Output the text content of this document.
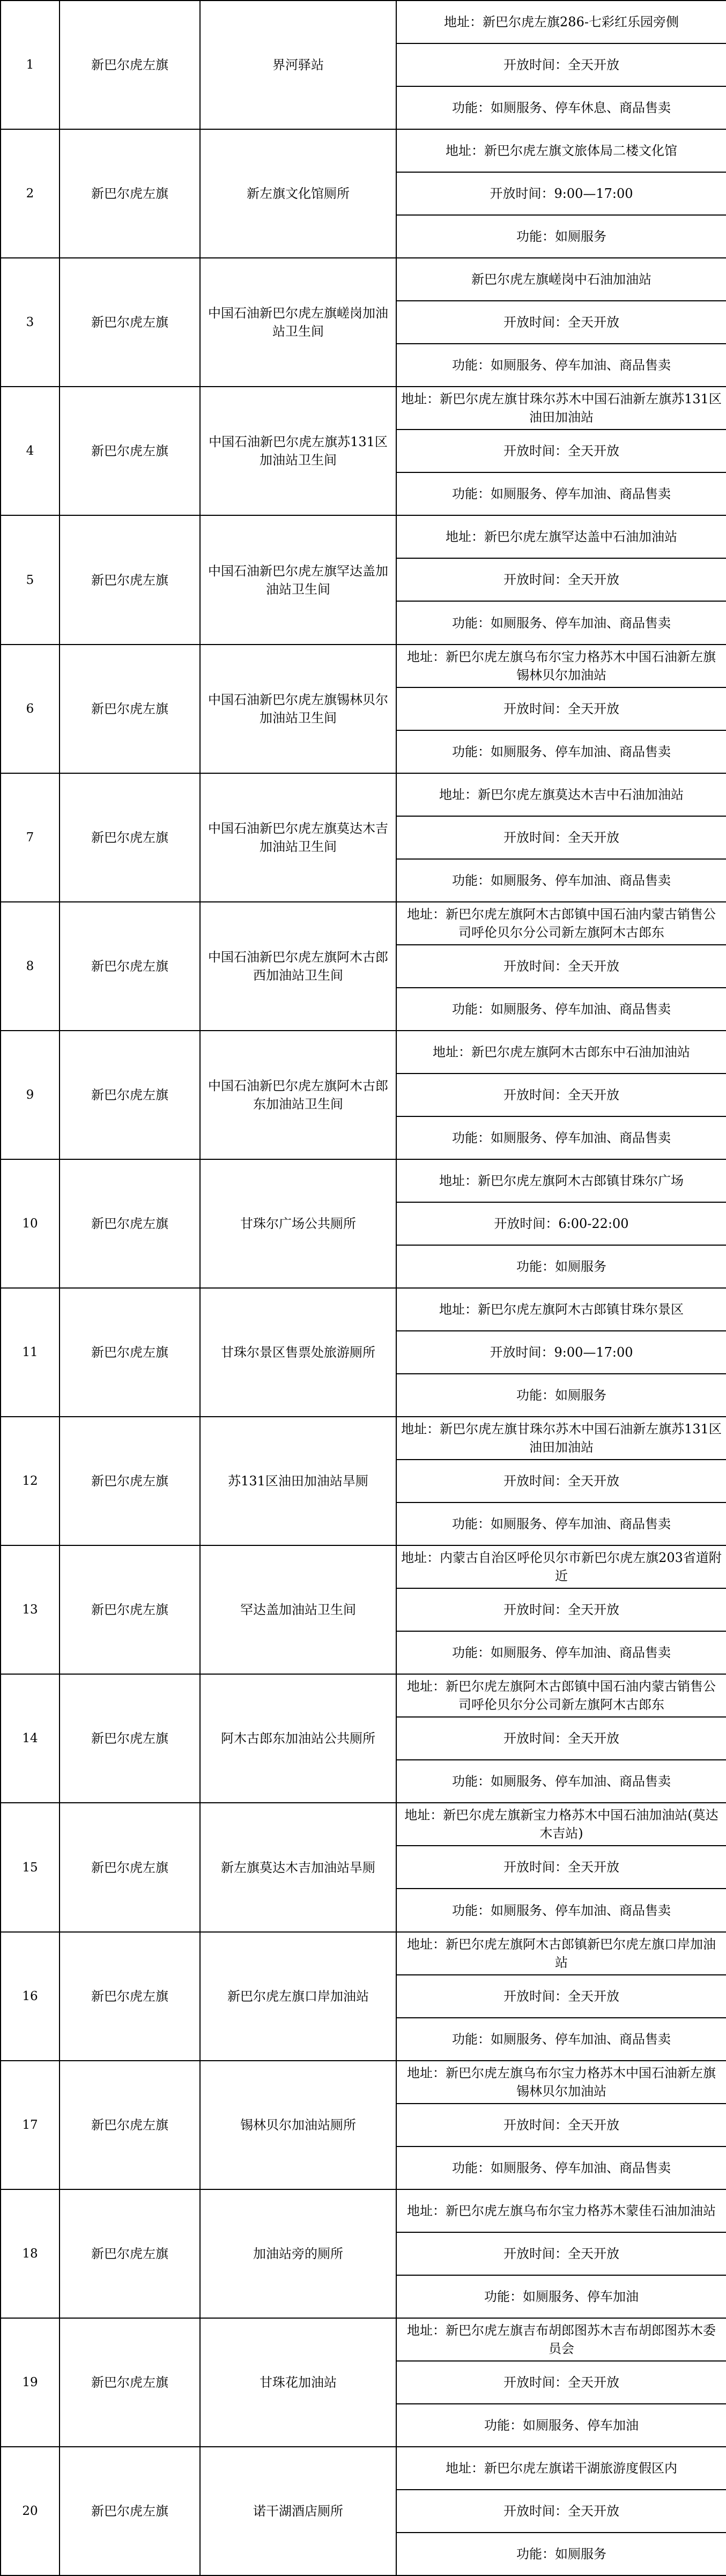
1	新巴尔虎左旗	界河驿站	地址：新巴尔虎左旗286-七彩红乐园旁侧
			开放时间：全天开放
			功能：如厕服务、停车休息、商品售卖
2	新巴尔虎左旗	新左旗文化馆厕所	地址：新巴尔虎左旗文旅体局二楼文化馆
			开放时间：9:00—17:00
			功能：如厕服务
3	新巴尔虎左旗	中国石油新巴尔虎左旗嵯岗加油站卫生间	新巴尔虎左旗嵯岗中石油加油站
			开放时间：全天开放
			功能：如厕服务、停车加油、商品售卖
4	新巴尔虎左旗	中国石油新巴尔虎左旗苏131区加油站卫生间	地址：新巴尔虎左旗甘珠尔苏木中国石油新左旗苏131区油田加油站
			开放时间：全天开放
			功能：如厕服务、停车加油、商品售卖
5	新巴尔虎左旗	中国石油新巴尔虎左旗罕达盖加油站卫生间	地址：新巴尔虎左旗罕达盖中石油加油站
			开放时间：全天开放
			功能：如厕服务、停车加油、商品售卖
6	新巴尔虎左旗	中国石油新巴尔虎左旗锡林贝尔加油站卫生间	地址：新巴尔虎左旗乌布尔宝力格苏木中国石油新左旗锡林贝尔加油站
			开放时间：全天开放
			功能：如厕服务、停车加油、商品售卖
7	新巴尔虎左旗	中国石油新巴尔虎左旗莫达木吉加油站卫生间	地址：新巴尔虎左旗莫达木吉中石油加油站
			开放时间：全天开放
			功能：如厕服务、停车加油、商品售卖
8	新巴尔虎左旗	中国石油新巴尔虎左旗阿木古郎西加油站卫生间	地址：新巴尔虎左旗阿木古郎镇中国石油内蒙古销售公司呼伦贝尔分公司新左旗阿木古郎东
			开放时间：全天开放
			功能：如厕服务、停车加油、商品售卖
9	新巴尔虎左旗	中国石油新巴尔虎左旗阿木古郎东加油站卫生间	地址：新巴尔虎左旗阿木古郎东中石油加油站
			开放时间：全天开放
			功能：如厕服务、停车加油、商品售卖
10	新巴尔虎左旗	甘珠尔广场公共厕所	地址：新巴尔虎左旗阿木古郎镇甘珠尔广场
			开放时间：6:00-22:00
			功能：如厕服务
11	新巴尔虎左旗	甘珠尔景区售票处旅游厕所	地址：新巴尔虎左旗阿木古郎镇甘珠尔景区
			开放时间：9:00—17:00
			功能：如厕服务
12	新巴尔虎左旗	苏131区油田加油站旱厕	地址：新巴尔虎左旗甘珠尔苏木中国石油新左旗苏131区油田加油站
			开放时间：全天开放
			功能：如厕服务、停车加油、商品售卖
13	新巴尔虎左旗	罕达盖加油站卫生间	地址：内蒙古自治区呼伦贝尔市新巴尔虎左旗203省道附近
			开放时间：全天开放
			功能：如厕服务、停车加油、商品售卖
14	新巴尔虎左旗	阿木古郎东加油站公共厕所	地址：新巴尔虎左旗阿木古郎镇中国石油内蒙古销售公司呼伦贝尔分公司新左旗阿木古郎东
			开放时间：全天开放
			功能：如厕服务、停车加油、商品售卖
15	新巴尔虎左旗	新左旗莫达木吉加油站旱厕	地址：新巴尔虎左旗新宝力格苏木中国石油加油站(莫达木吉站)
			开放时间：全天开放
			功能：如厕服务、停车加油、商品售卖
16	新巴尔虎左旗	新巴尔虎左旗口岸加油站	地址：新巴尔虎左旗阿木古郎镇新巴尔虎左旗口岸加油站
			开放时间：全天开放
			功能：如厕服务、停车加油、商品售卖
17	新巴尔虎左旗	锡林贝尔加油站厕所	地址：新巴尔虎左旗乌布尔宝力格苏木中国石油新左旗锡林贝尔加油站
			开放时间：全天开放
			功能：如厕服务、停车加油、商品售卖
18	新巴尔虎左旗	加油站旁的厕所	地址：新巴尔虎左旗乌布尔宝力格苏木蒙佳石油加油站
			开放时间：全天开放
			功能：如厕服务、停车加油
19	新巴尔虎左旗	甘珠花加油站	地址：新巴尔虎左旗吉布胡郎图苏木吉布胡郎图苏木委员会
			开放时间：全天开放
			功能：如厕服务、停车加油
20	新巴尔虎左旗	诺干湖酒店厕所	地址：新巴尔虎左旗诺干湖旅游度假区内
			开放时间：全天开放
			功能：如厕服务
